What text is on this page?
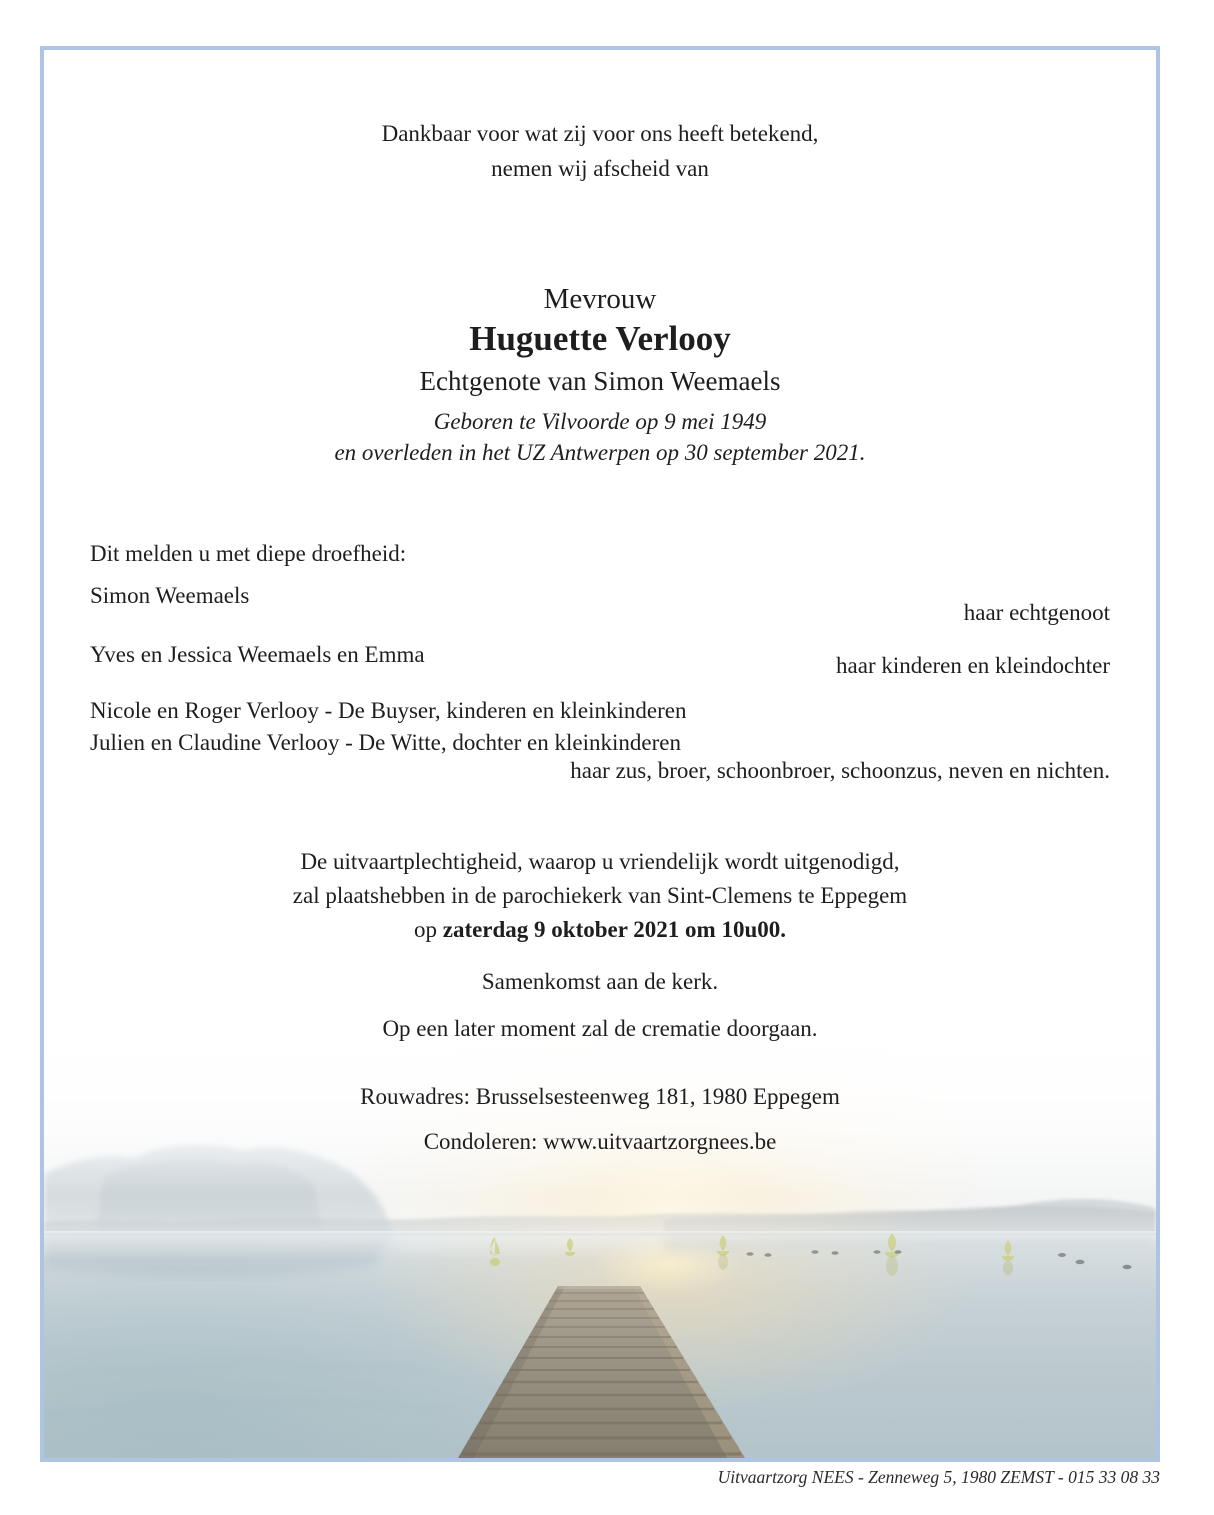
Dankbaar voor wat zij voor ons heeft betekend,
nemen wij afscheid van
Mevrouw
Huguette Verlooy
Echtgenote van Simon Weemaels
Geboren te Vilvoorde op 9 mei 1949
en overleden in het UZ Antwerpen op 30 september 2021.
Dit melden u met diepe droefheid:
Simon Weemaels
haar echtgenoot
Yves en Jessica Weemaels en Emma	haar kinderen en kleindochter
Nicole en Roger Verlooy - De Buyser, kinderen en kleinkinderen
Julien en Claudine Verlooy - De Witte, dochter en kleinkinderen
haar zus, broer, schoonbroer, schoonzus, neven en nichten.
De uitvaartplechtigheid, waarop u vriendelijk wordt uitgenodigd,
zal plaatshebben in de parochiekerk van Sint-Clemens te Eppegem
op zaterdag 9 oktober 2021 om 10u00.
Samenkomst aan de kerk.
Op een later moment zal de crematie doorgaan.
Rouwadres: Brusselsesteenweg 181, 1980 Eppegem
Condoleren: www.uitvaartzorgnees.be
Uitvaartzorg NEES - Zenneweg 5, 1980 ZEMST - 015 33 08 33
